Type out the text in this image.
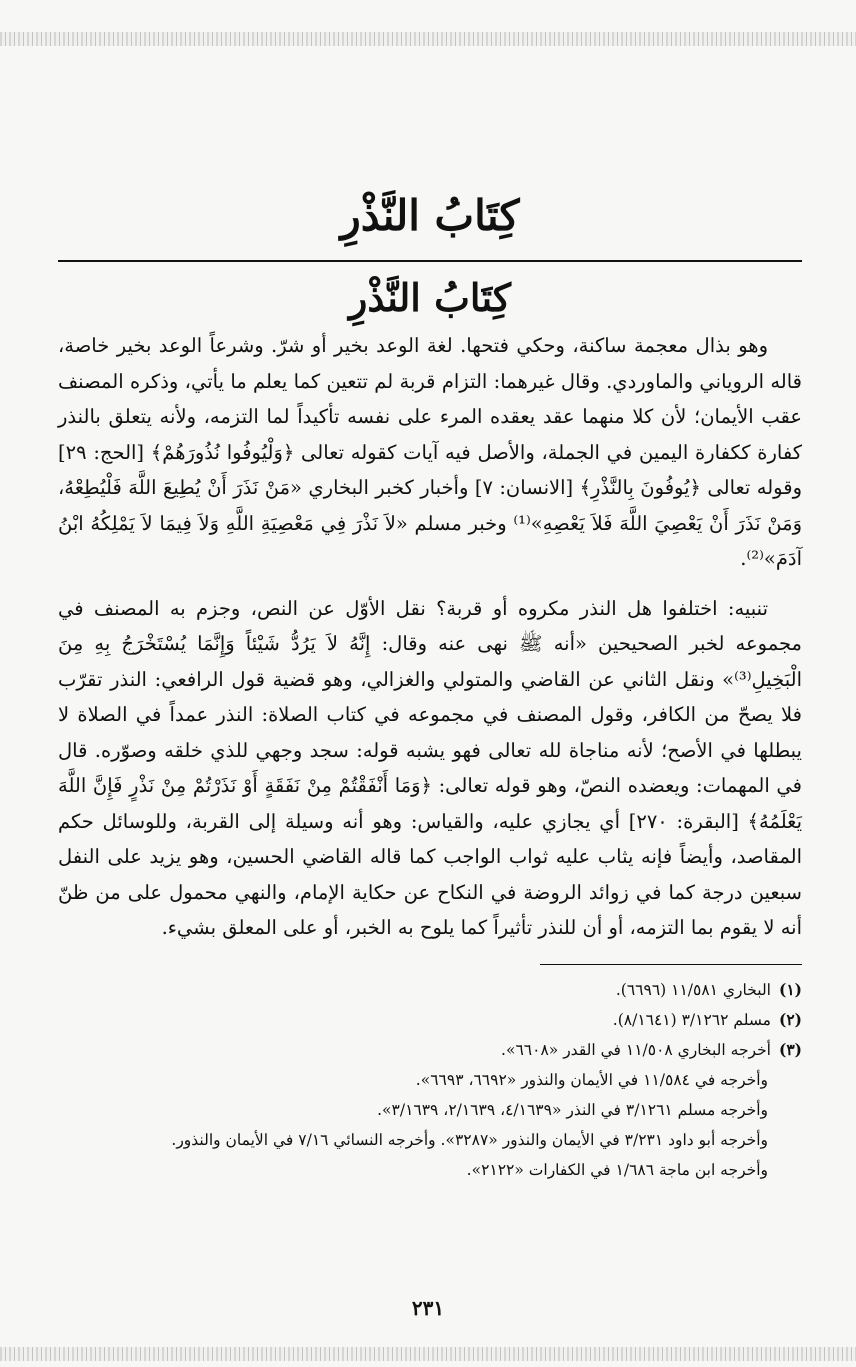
كِتَابُ النَّذْرِ
كِتَابُ النَّذْرِ

وهو بذال معجمة ساكنة، وحكي فتحها. لغة الوعد بخير أو شرّ. وشرعاً الوعد بخير خاصة، قاله الروياني والماوردي. وقال غيرهما: التزام قربة لم تتعين كما يعلم ما يأتي، وذكره المصنف عقب الأيمان؛ لأن كلا منهما عقد يعقده المرء على نفسه تأكيداً لما التزمه، ولأنه يتعلق بالنذر كفارة ككفارة اليمين في الجملة، والأصل فيه آيات كقوله تعالى ﴿وَلْيُوفُوا نُذُورَهُمْ﴾ [الحج: ٢٩] وقوله تعالى ﴿يُوفُونَ بِالنَّذْرِ﴾ [الانسان: ٧] وأخبار كخبر البخاري «مَنْ نَذَرَ أَنْ يُطِيعَ اللَّهَ فَلْيُطِعْهُ، وَمَنْ نَذَرَ أَنْ يَعْصِيَ اللَّهَ فَلاَ يَعْصِهِ»⁽¹⁾ وخبر مسلم «لاَ نَذْرَ فِي مَعْصِيَةِ اللَّهِ وَلاَ فِيمَا لاَ يَمْلِكُهُ ابْنُ آدَمَ»⁽²⁾.

تنبيه: اختلفوا هل النذر مكروه أو قربة؟ نقل الأوّل عن النص، وجزم به المصنف في مجموعه لخبر الصحيحين «أنه ﷺ نهى عنه وقال: إِنَّهُ لاَ يَرُدُّ شَيْئاً وَإِنَّمَا يُسْتَخْرَجُ بِهِ مِنَ الْبَخِيلِ⁽³⁾» ونقل الثاني عن القاضي والمتولي والغزالي، وهو قضية قول الرافعي: النذر تقرّب فلا يصحّ من الكافر، وقول المصنف في مجموعه في كتاب الصلاة: النذر عمداً في الصلاة لا يبطلها في الأصح؛ لأنه مناجاة لله تعالى فهو يشبه قوله: سجد وجهي للذي خلقه وصوّره. قال في المهمات: ويعضده النصّ، وهو قوله تعالى: ﴿وَمَا أَنْفَقْتُمْ مِنْ نَفَقَةٍ أَوْ نَذَرْتُمْ مِنْ نَذْرٍ فَإِنَّ اللَّهَ يَعْلَمُهُ﴾ [البقرة: ٢٧٠] أي يجازي عليه، والقياس: وهو أنه وسيلة إلى القربة، وللوسائل حكم المقاصد، وأيضاً فإنه يثاب عليه ثواب الواجب كما قاله القاضي الحسين، وهو يزيد على النفل سبعين درجة كما في زوائد الروضة في النكاح عن حكاية الإمام، والنهي محمول على من ظنّ أنه لا يقوم بما التزمه، أو أن للنذر تأثيراً كما يلوح به الخبر، أو على المعلق بشيء.

(١)البخاري ١١/٥٨١ (٦٦٩٦).

(٢)مسلم ٣/١٢٦٢ (٨/١٦٤١).

(٣)أخرجه البخاري ١١/٥٠٨ في القدر «٦٦٠٨».

وأخرجه في ١١/٥٨٤ في الأيمان والنذور «٦٦٩٢، ٦٦٩٣».

وأخرجه مسلم ٣/١٢٦١ في النذر «٤/١٦٣٩، ٢/١٦٣٩، ٣/١٦٣٩».

وأخرجه أبو داود ٣/٢٣١ في الأيمان والنذور «٣٢٨٧». وأخرجه النسائي ٧/١٦ في الأيمان والنذور.

وأخرجه ابن ماجة ١/٦٨٦ في الكفارات «٢١٢٢».

٢٣١
